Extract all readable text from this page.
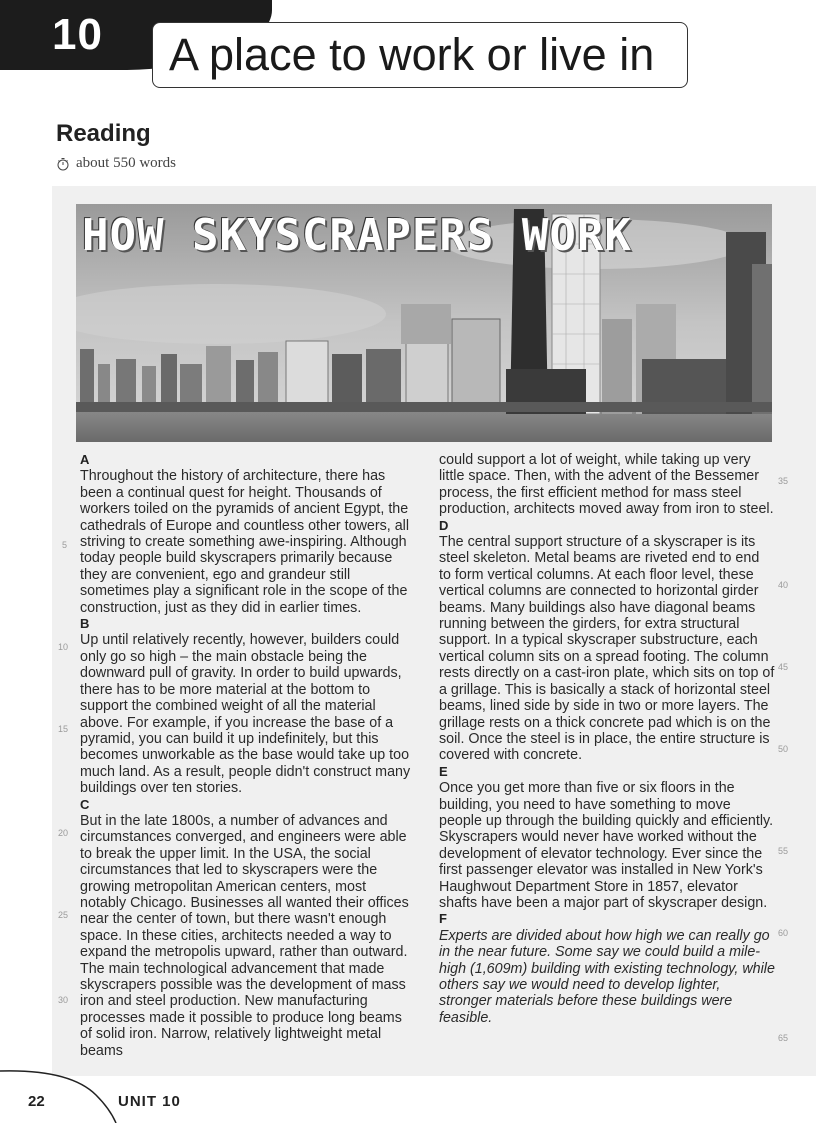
10 A place to work or live in
Reading
about 550 words
HOW SKYSCRAPERS WORK

A

Throughout the history of architecture, there has been a continual quest for height. Thousands of workers toiled on the pyramids of ancient Egypt, the cathedrals of Europe and countless other towers, all striving to create something awe-inspiring. Although today people build skyscrapers primarily because they are convenient, ego and grandeur still sometimes play a significant role in the scope of the construction, just as they did in earlier times.

B

Up until relatively recently, however, builders could only go so high – the main obstacle being the downward pull of gravity. In order to build upwards, there has to be more material at the bottom to support the combined weight of all the material above. For example, if you increase the base of a pyramid, you can build it up indefinitely, but this becomes unworkable as the base would take up too much land. As a result, people didn't construct many buildings over ten stories.

C

But in the late 1800s, a number of advances and circumstances converged, and engineers were able to break the upper limit. In the USA, the social circumstances that led to skyscrapers were the growing metropolitan American centers, most notably Chicago. Businesses all wanted their offices near the center of town, but there wasn't enough space. In these cities, architects needed a way to expand the metropolis upward, rather than outward. The main technological advancement that made skyscrapers possible was the development of mass iron and steel production. New manufacturing processes made it possible to produce long beams of solid iron. Narrow, relatively lightweight metal beams

could support a lot of weight, while taking up very little space. Then, with the advent of the Bessemer process, the first efficient method for mass steel production, architects moved away from iron to steel.

D

The central support structure of a skyscraper is its steel skeleton. Metal beams are riveted end to end to form vertical columns. At each floor level, these vertical columns are connected to horizontal girder beams. Many buildings also have diagonal beams running between the girders, for extra structural support. In a typical skyscraper substructure, each vertical column sits on a spread footing. The column rests directly on a cast-iron plate, which sits on top of a grillage. This is basically a stack of horizontal steel beams, lined side by side in two or more layers. The grillage rests on a thick concrete pad which is on the soil. Once the steel is in place, the entire structure is covered with concrete.

E

Once you get more than five or six floors in the building, you need to have something to move people up through the building quickly and efficiently. Skyscrapers would never have worked without the development of elevator technology. Ever since the first passenger elevator was installed in New York's Haughwout Department Store in 1857, elevator shafts have been a major part of skyscraper design.

F

Experts are divided about how high we can really go in the near future. Some say we could build a mile-high (1,609m) building with existing technology, while others say we would need to develop lighter, stronger materials before these buildings were feasible.

5
10
15
20
25
30
35
40
45
50
55
60
65
22	UNIT 10
